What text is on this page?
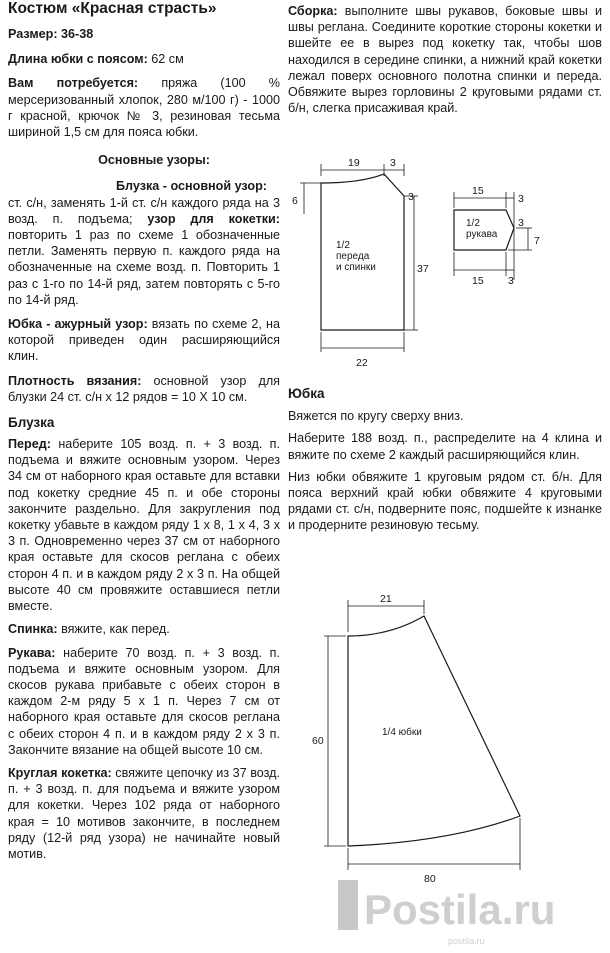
Костюм «Красная страсть»

Размер: 36-38

Длина юбки с поясом: 62 см

Вам потребуется: пряжа (100 % мерсеризованный хлопок, 280 м/100 г) - 1000 г красной, крючок № 3, резиновая тесьма шириной 1,5 см для пояса юбки.

Основные узоры:

Блузка - основной узор: ст. с/н, заменять 1-й ст. с/н каждого ряда на 3 возд. п. подъема; узор для кокетки: повторить 1 раз по схеме 1 обозначенные петли. Заменять первую п. каждого ряда на обозначенные на схеме возд. п. Повторить 1 раз с 1-го по 14-й ряд, затем повторять с 5-го по 14-й ряд.

Юбка - ажурный узор: вязать по схеме 2, на которой приведен один расширяющийся клин.

Плотность вязания: основной узор для блузки 24 ст. с/н х 12 рядов = 10 Х 10 см.

Блузка

Перед: наберите 105 возд. п. + 3 возд. п. подъема и вяжите основным узором. Через 34 см от наборного края оставьте для вставки под кокетку средние 45 п. и обе стороны закончите раздельно. Для закругления под кокетку убавьте в каждом ряду 1 х 8, 1 х 4, 3 х 3 п. Одновременно через 37 см от наборного края оставьте для скосов реглана с обеих сторон 4 п. и в каждом ряду 2 х 3 п. На общей высоте 40 см провяжите оставшиеся петли вместе.

Спинка: вяжите, как перед.

Рукава: наберите 70 возд. п. + 3 возд. п. подъема и вяжите основным узором. Для скосов рукава прибавьте с обеих сторон в каждом 2-м ряду 5 х 1 п. Через 7 см от наборного края оставьте для скосов реглана с обеих сторон 4 п. и в каждом ряду 2 х 3 п. Закончите вязание на общей высоте 10 см.

Круглая кокетка: свяжите цепочку из 37 возд. п. + 3 возд. п. для подъема и вяжите узором для кокетки. Через 102 ряда от наборного края = 10 мотивов закончите, в последнем ряду (12-й ряд узора) не начинайте новый мотив.

Сборка: выполните швы рукавов, боковые швы и швы реглана. Соедините короткие стороны кокетки и вшейте ее в вырез под кокетку так, чтобы шов находился в середине спинки, а нижний край кокетки лежал поверх основного полотна спинки и переда. Обвяжите вырез горловины 2 круговыми рядами ст. б/н, слегка присаживая край.

19	3
3
6
37
22
1/2
переда
и спинки
15
3
3
7
15 3
1/2
рукава

Юбка

Вяжется по кругу сверху вниз.

Наберите 188 возд. п., распределите на 4 клина и вяжите по схеме 2 каждый расширяющийся клин.

Низ юбки обвяжите 1 круговым рядом ст. б/н. Для пояса верхний край юбки обвяжите 4 круговыми рядами ст. с/н, подверните пояс, подшейте к изнанке и продерните резиновую тесьму.

21
60
80
1/4 юбки
Postila.ru
postila.ru
